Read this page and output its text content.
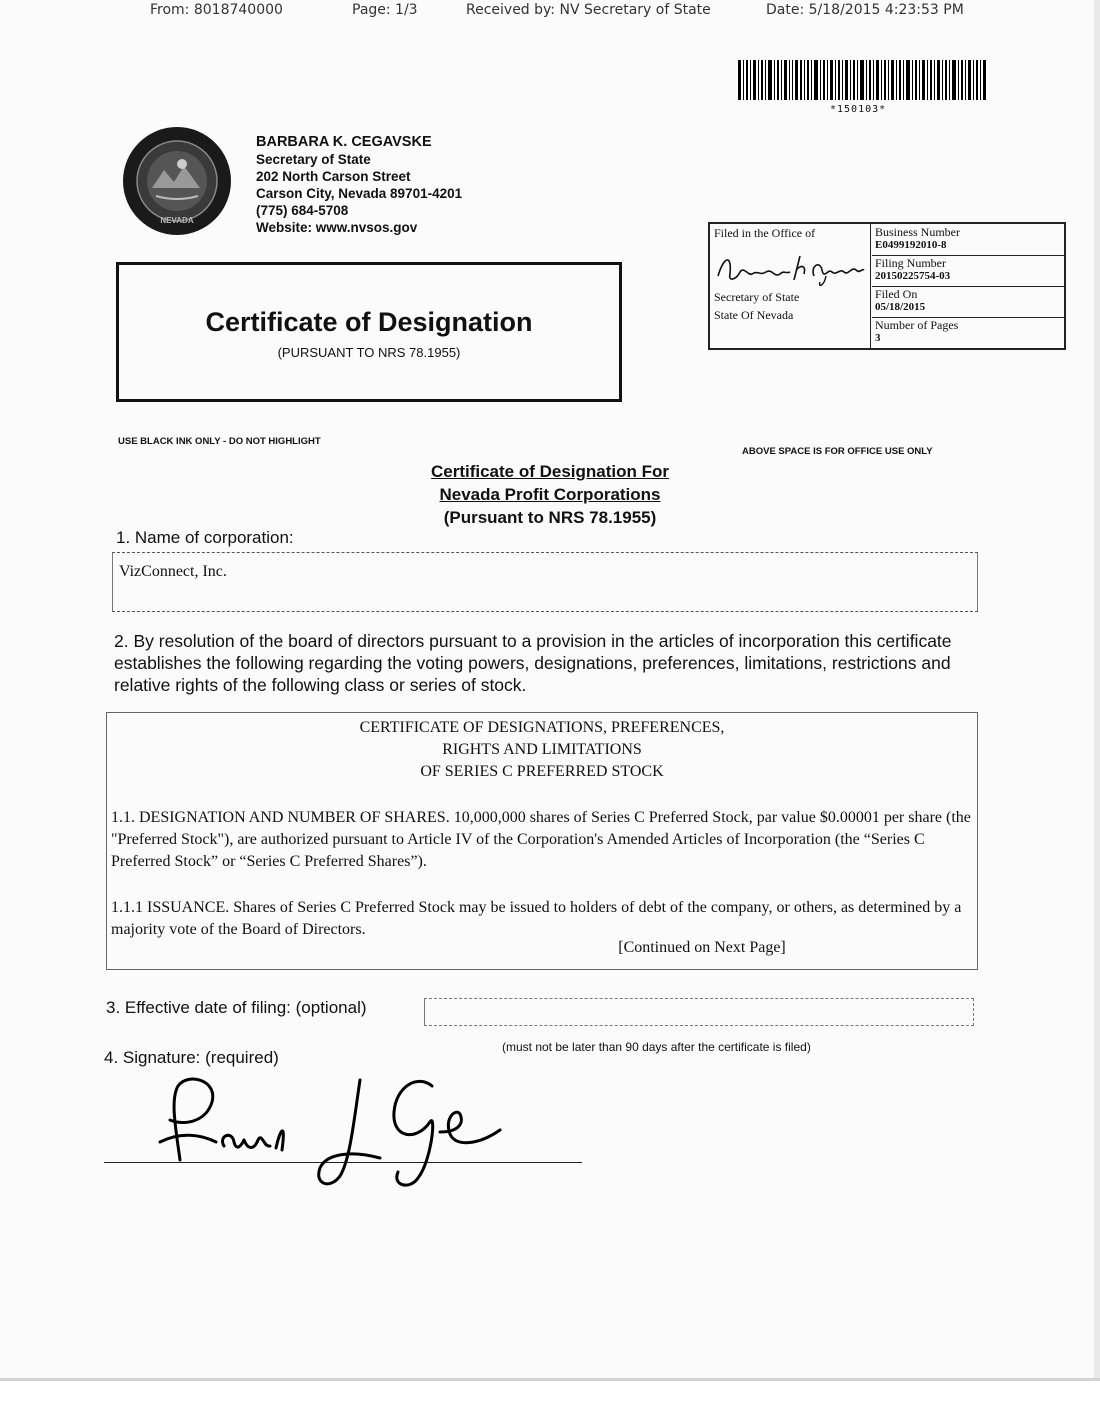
From: 8018740000	Page: 1/3	Received by: NV Secretary of State	Date: 5/18/2015 4:23:53 PM
*150103*
NEVADA
BARBARA K. CEGAVSKE
Secretary of State
202 North Carson Street
Carson City, Nevada 89701-4201
(775) 684-5708
Website: www.nvsos.gov	Filed in the Office of
Secretary of State
State Of Nevada
Business Number
E0499192010-8
Filing Number
20150225754-03
Filed On
05/18/2015
Number of Pages
3
Certificate of Designation
(PURSUANT TO NRS 78.1955)
USE BLACK INK ONLY - DO NOT HIGHLIGHT
ABOVE SPACE IS FOR OFFICE USE ONLY
Certificate of Designation For
Nevada Profit Corporations
(Pursuant to NRS 78.1955)
1. Name of corporation:
VizConnect, Inc.
2. By resolution of the board of directors pursuant to a provision in the articles of incorporation this certificate establishes the following regarding the voting powers, designations, preferences, limitations, restrictions and relative rights of the following class or series of stock.
CERTIFICATE OF DESIGNATIONS, PREFERENCES,
RIGHTS AND LIMITATIONS
OF SERIES C PREFERRED STOCK
1.1. DESIGNATION AND NUMBER OF SHARES. 10,000,000 shares of Series C Preferred Stock, par value $0.00001 per share (the "Preferred Stock"), are authorized pursuant to Article IV of the Corporation's Amended Articles of Incorporation (the “Series C Preferred Stock” or “Series C Preferred Shares”).
1.1.1 ISSUANCE. Shares of Series C Preferred Stock may be issued to holders of debt of the company, or others, as determined by a majority vote of the Board of Directors.
[Continued on Next Page]
3. Effective date of filing: (optional)
(must not be later than 90 days after the certificate is filed)
4. Signature: (required)
